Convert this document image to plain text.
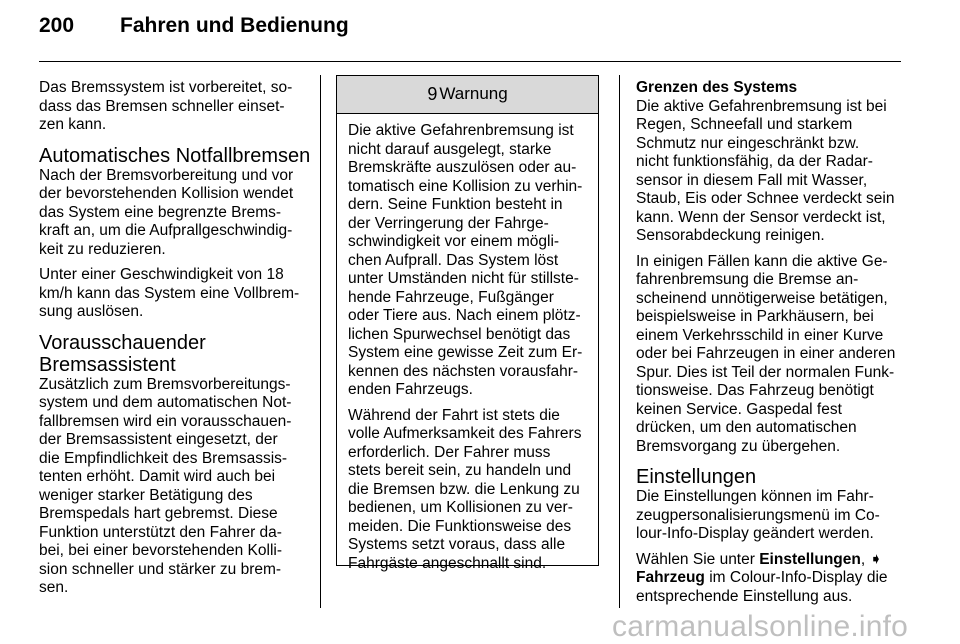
200 Fahren und Bedienung

Das Bremssystem ist vorbereitet, so-
dass das Bremsen schneller einset-
zen kann.

Automatisches Notfallbremsen

Nach der Bremsvorbereitung und vor
der bevorstehenden Kollision wendet
das System eine begrenzte Brems-
kraft an, um die Aufprallgeschwindig-
keit zu reduzieren.

Unter einer Geschwindigkeit von 18
km/h kann das System eine Vollbrem-
sung auslösen.

Vorausschauender
Bremsassistent

Zusätzlich zum Bremsvorbereitungs-
system und dem automatischen Not-
fallbremsen wird ein vorausschauen-
der Bremsassistent eingesetzt, der
die Empfindlichkeit des Bremsassis-
tenten erhöht. Damit wird auch bei
weniger starker Betätigung des
Bremspedals hart gebremst. Diese
Funktion unterstützt den Fahrer da-
bei, bei einer bevorstehenden Kolli-
sion schneller und stärker zu brem-
sen.

9 Warnung

Die aktive Gefahrenbremsung ist
nicht darauf ausgelegt, starke
Bremskräfte auszulösen oder au-
tomatisch eine Kollision zu verhin-
dern. Seine Funktion besteht in
der Verringerung der Fahrge-
schwindigkeit vor einem mögli-
chen Aufprall. Das System löst
unter Umständen nicht für stillste-
hende Fahrzeuge, Fußgänger
oder Tiere aus. Nach einem plötz-
lichen Spurwechsel benötigt das
System eine gewisse Zeit zum Er-
kennen des nächsten vorausfahr-
enden Fahrzeugs.

Während der Fahrt ist stets die
volle Aufmerksamkeit des Fahrers
erforderlich. Der Fahrer muss
stets bereit sein, zu handeln und
die Bremsen bzw. die Lenkung zu
bedienen, um Kollisionen zu ver-
meiden. Die Funktionsweise des
Systems setzt voraus, dass alle
Fahrgäste angeschnallt sind.

Grenzen des Systems

Die aktive Gefahrenbremsung ist bei
Regen, Schneefall und starkem
Schmutz nur eingeschränkt bzw.
nicht funktionsfähig, da der Radar-
sensor in diesem Fall mit Wasser,
Staub, Eis oder Schnee verdeckt sein
kann. Wenn der Sensor verdeckt ist,
Sensorabdeckung reinigen.

In einigen Fällen kann die aktive Ge-
fahrenbremsung die Bremse an-
scheinend unnötigerweise betätigen,
beispielsweise in Parkhäusern, bei
einem Verkehrsschild in einer Kurve
oder bei Fahrzeugen in einer anderen
Spur. Dies ist Teil der normalen Funk-
tionsweise. Das Fahrzeug benötigt
keinen Service. Gaspedal fest
drücken, um den automatischen
Bremsvorgang zu übergehen.

Einstellungen

Die Einstellungen können im Fahr-
zeugpersonalisierungsmenü im Co-
lour-Info-Display geändert werden.

Wählen Sie unter Einstellungen, ➧
Fahrzeug im Colour-Info-Display die
entsprechende Einstellung aus.

carmanualsonline.info
